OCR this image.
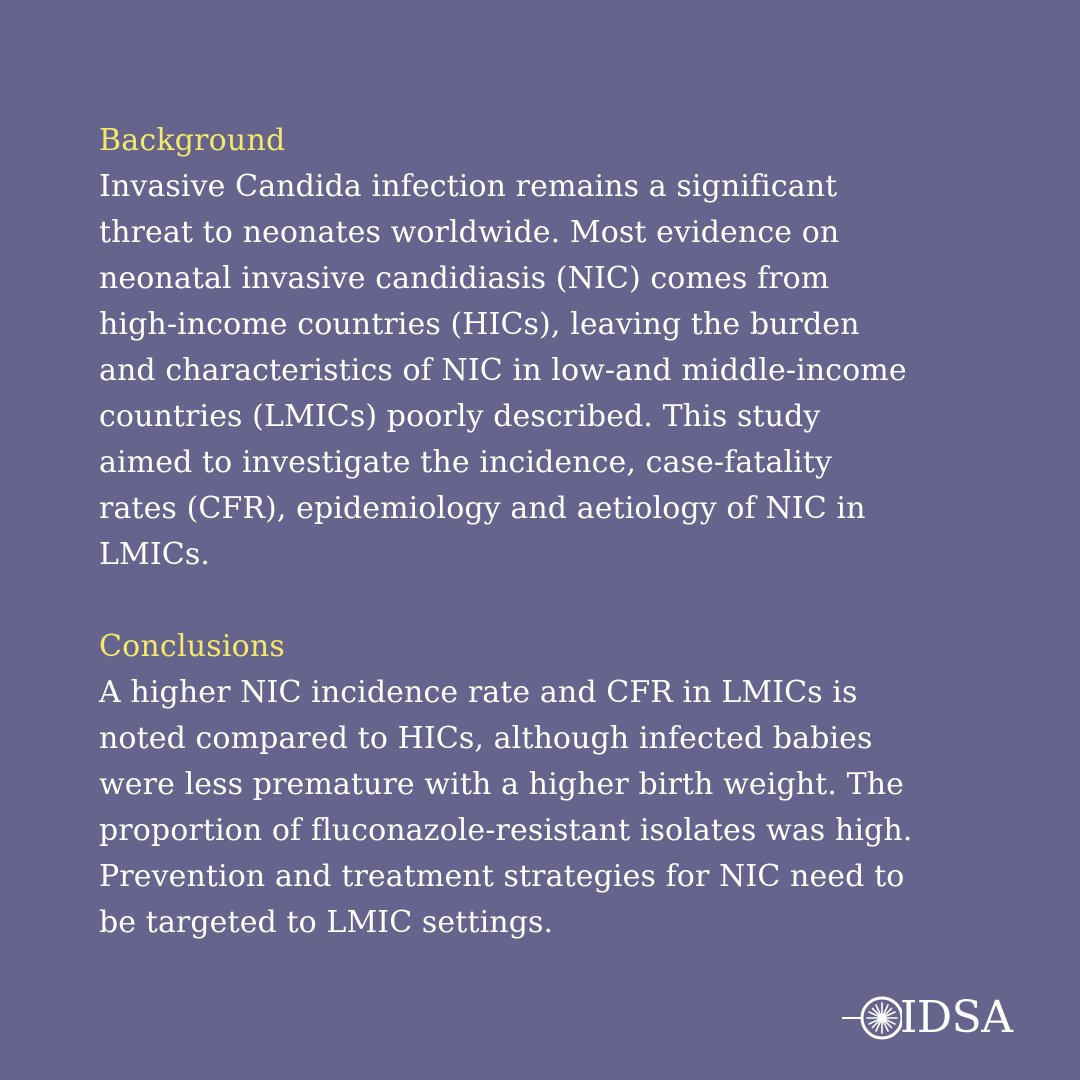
Background

Invasive Candida infection remains a significant
threat to neonates worldwide. Most evidence on
neonatal invasive candidiasis (NIC) comes from
high-income countries (HICs), leaving the burden
and characteristics of NIC in low-and middle-income
countries (LMICs) poorly described. This study
aimed to investigate the incidence, case-fatality
rates (CFR), epidemiology and aetiology of NIC in
LMICs.

Conclusions

A higher NIC incidence rate and CFR in LMICs is
noted compared to HICs, although infected babies
were less premature with a higher birth weight. The
proportion of fluconazole-resistant isolates was high.
Prevention and treatment strategies for NIC need to
be targeted to LMIC settings.

IDSA
